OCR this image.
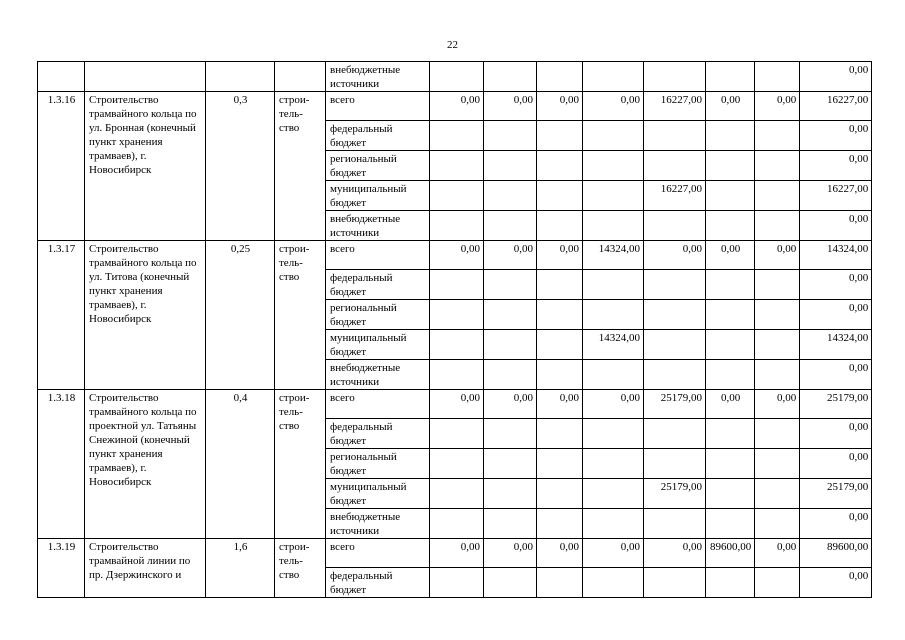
22
				внебюджетные источники								0,00
1.3.16	Строительство трамвайного кольца по ул. Бронная (конечный пункт хранения трамваев), г. Новосибирск	0,3	строи-тель-ство	всего	0,00	0,00	0,00	0,00	16227,00	0,00	0,00	16227,00
				федеральный бюджет								0,00
				региональный бюджет								0,00
				муниципальный бюджет					16227,00			16227,00
				внебюджетные источники								0,00
1.3.17	Строительство трамвайного кольца по ул. Титова (конечный пункт хранения трамваев), г. Новосибирск	0,25	строи-тель-ство	всего	0,00	0,00	0,00	14324,00	0,00	0,00	0,00	14324,00
				федеральный бюджет								0,00
				региональный бюджет								0,00
				муниципальный бюджет				14324,00				14324,00
				внебюджетные источники								0,00
1.3.18	Строительство трамвайного кольца по проектной ул. Татьяны Снежиной (конечный пункт хранения трамваев), г. Новосибирск	0,4	строи-тель-ство	всего	0,00	0,00	0,00	0,00	25179,00	0,00	0,00	25179,00
				федеральный бюджет								0,00
				региональный бюджет								0,00
				муниципальный бюджет					25179,00			25179,00
				внебюджетные источники								0,00
1.3.19	Строительство трамвайной линии по пр. Дзержинского и	1,6	строи-тель-ство	всего	0,00	0,00	0,00	0,00	0,00	89600,00	0,00	89600,00
				федеральный бюджет								0,00
